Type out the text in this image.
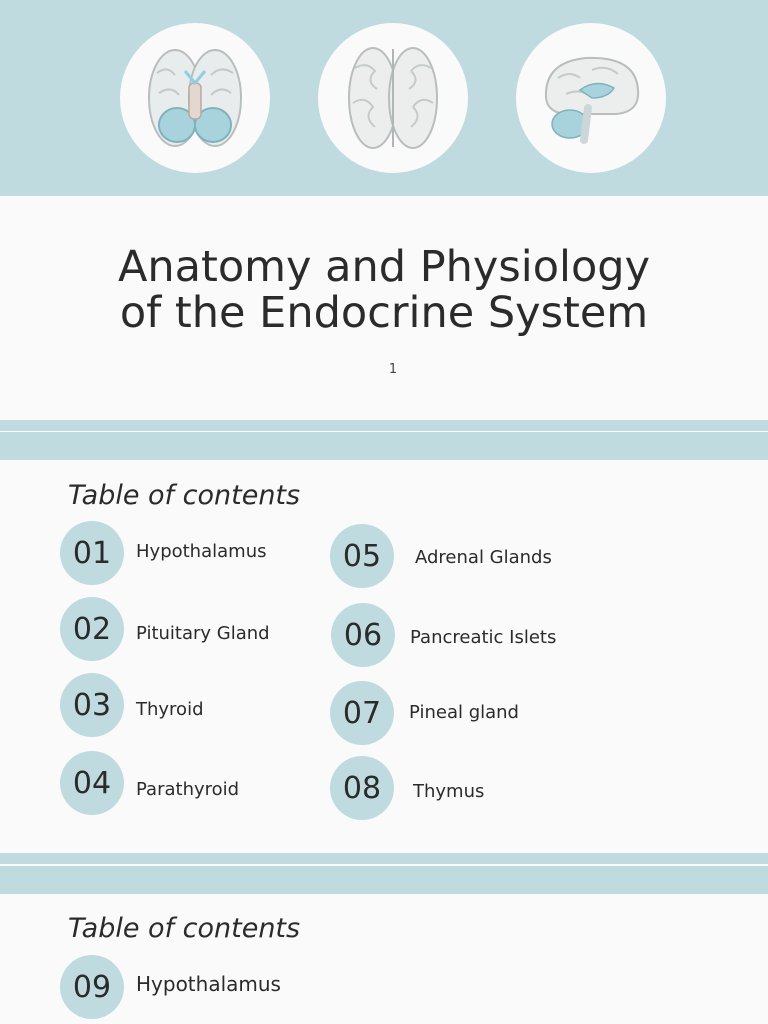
Anatomy and Physiology
of the Endocrine System
1
Table of contents
01	Hypothalamus
02	Pituitary Gland
03	Thyroid
04	Parathyroid
05	Adrenal Glands
06	Pancreatic Islets
07	Pineal gland
08	Thymus
Table of contents
09	Hypothalamus
